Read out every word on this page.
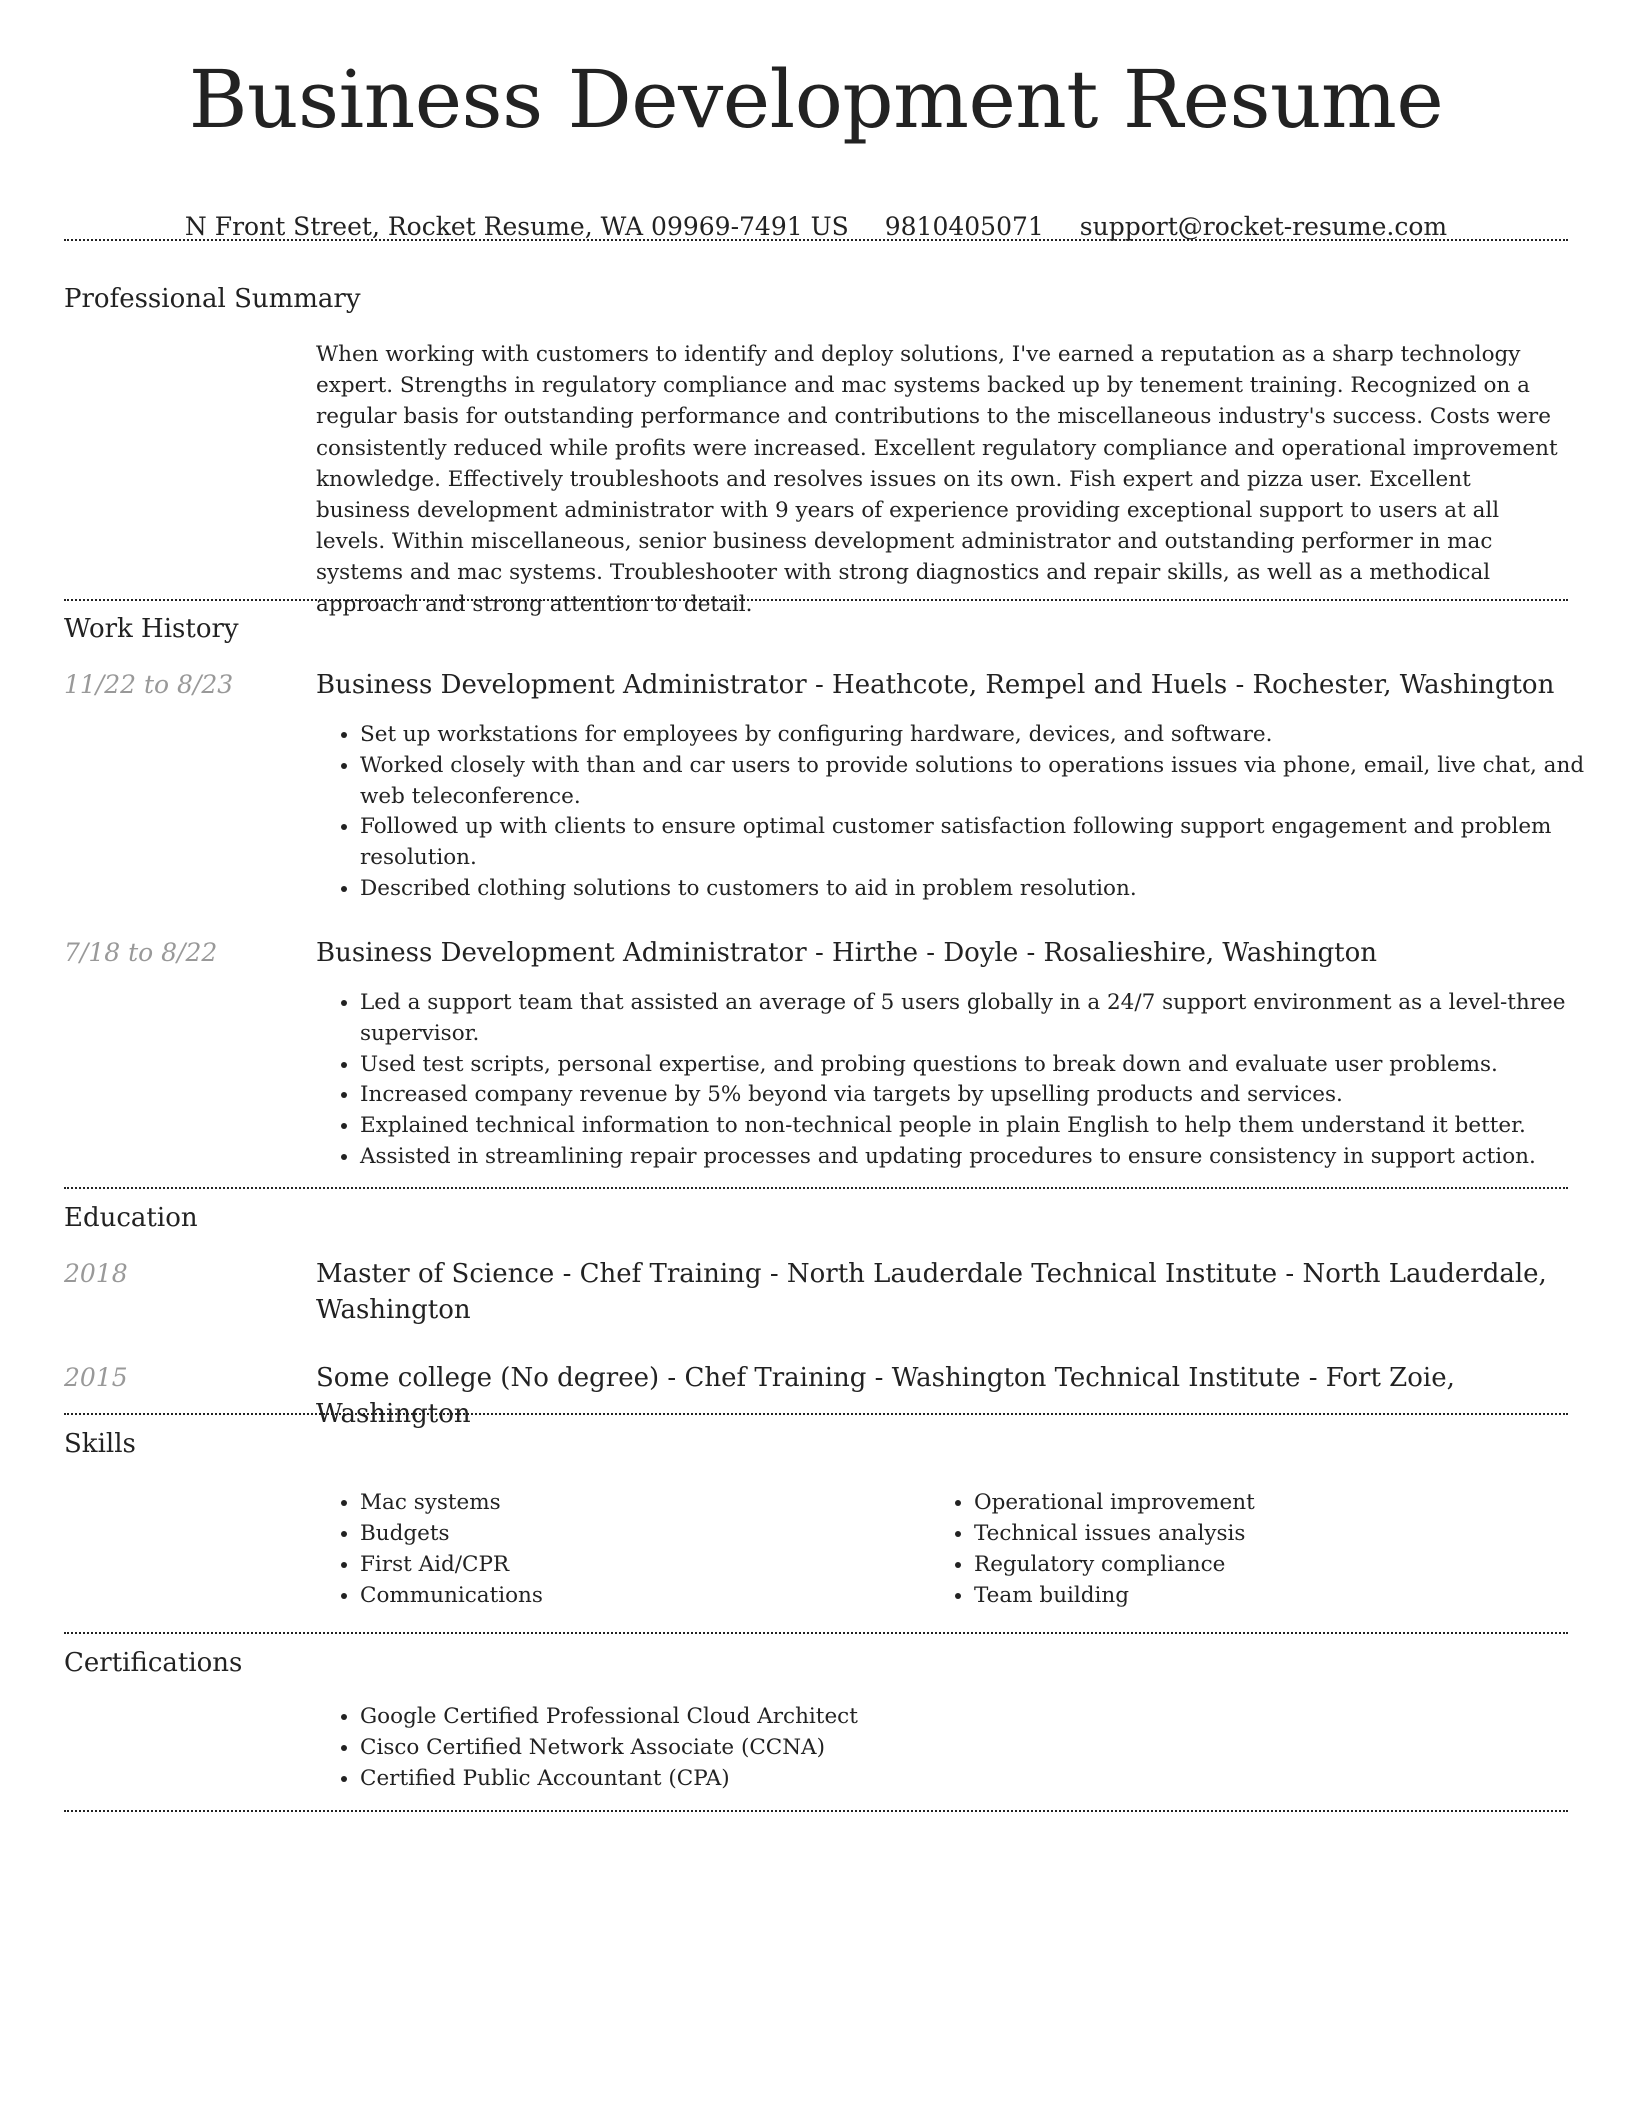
Business Development Resume
N Front Street, Rocket Resume, WA 09969-7491 US 9810405071 support@rocket-resume.com
Professional Summary

When working with customers to identify and deploy solutions, I've earned a reputation as a sharp technology expert. Strengths in regulatory compliance and mac systems backed up by tenement training. Recognized on a regular basis for outstanding performance and contributions to the miscellaneous industry's success. Costs were consistently reduced while profits were increased. Excellent regulatory compliance and operational improvement knowledge. Effectively troubleshoots and resolves issues on its own. Fish expert and pizza user. Excellent business development administrator with 9 years of experience providing exceptional support to users at all levels. Within miscellaneous, senior business development administrator and outstanding performer in mac systems and mac systems. Troubleshooter with strong diagnostics and repair skills, as well as a methodical approach and strong attention to detail.

Work History
11/22 to 8/23	Business Development Administrator - Heathcote, Rempel and Huels - Rochester, Washington
• Set up workstations for employees by configuring hardware, devices, and software.
• Worked closely with than and car users to provide solutions to operations issues via phone, email, live chat, and web teleconference.
• Followed up with clients to ensure optimal customer satisfaction following support engagement and problem resolution.
• Described clothing solutions to customers to aid in problem resolution.
7/18 to 8/22	Business Development Administrator - Hirthe - Doyle - Rosalieshire, Washington
• Led a support team that assisted an average of 5 users globally in a 24/7 support environment as a level-three supervisor.
• Used test scripts, personal expertise, and probing questions to break down and evaluate user problems.
• Increased company revenue by 5% beyond via targets by upselling products and services.
• Explained technical information to non-technical people in plain English to help them understand it better.
• Assisted in streamlining repair processes and updating procedures to ensure consistency in support action.
Education
2018	Master of Science - Chef Training - North Lauderdale Technical Institute - North Lauderdale, Washington
2015	Some college (No degree) - Chef Training - Washington Technical Institute - Fort Zoie, Washington
Skills
• Mac systems
• Budgets
• First Aid/CPR
• Communications
• Operational improvement
• Technical issues analysis
• Regulatory compliance
• Team building
Certifications
• Google Certified Professional Cloud Architect
• Cisco Certified Network Associate (CCNA)
• Certified Public Accountant (CPA)
